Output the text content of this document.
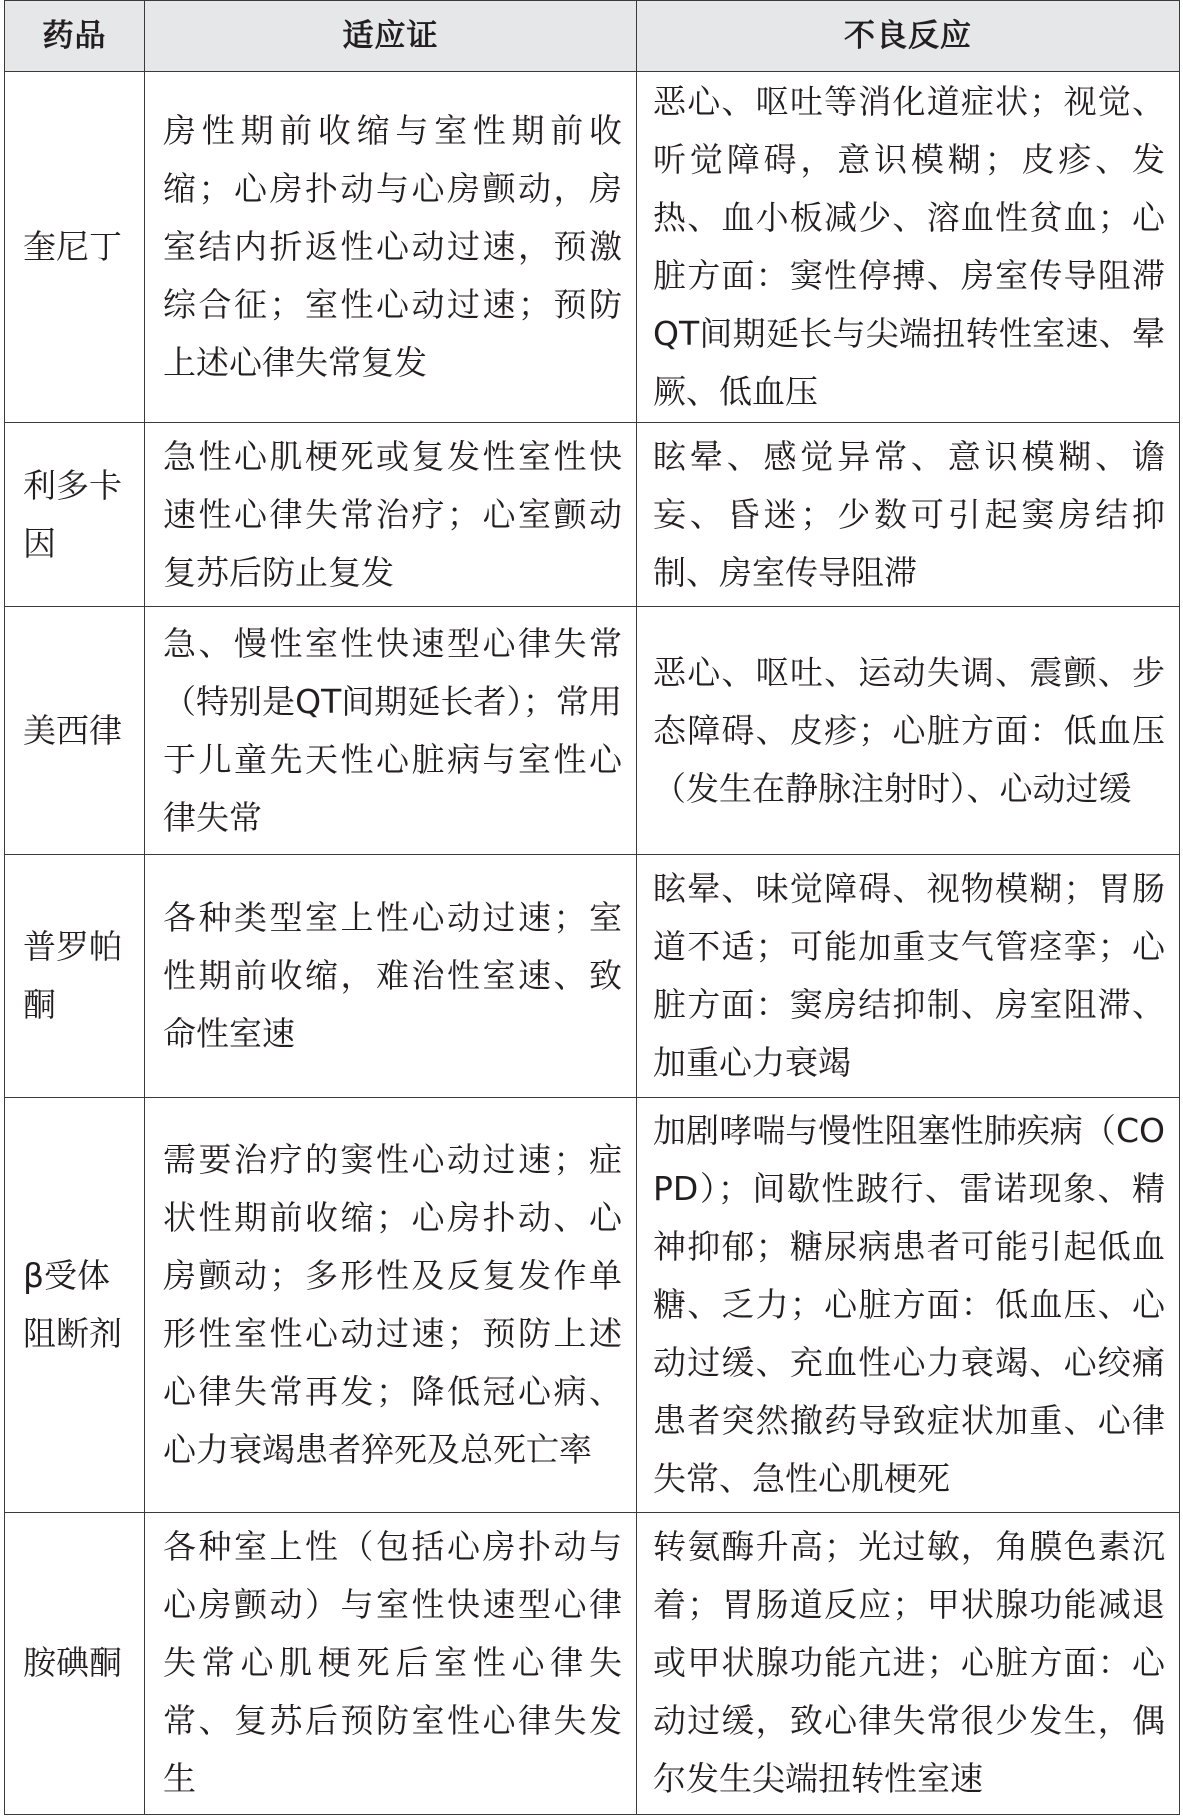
药品	适应证	不良反应

奎尼丁	房性期前收缩与室性期前收缩；心房扑动与心房颤动，房室结内折返性心动过速，预激综合征；室性心动过速；预防上述心律失常复发	恶心、呕吐等消化道症状；视觉、听觉障碍，意识模糊；皮疹、发热、血小板减少、溶血性贫血；心脏方面：窦性停搏、房室传导阻滞QT间期延长与尖端扭转性室速、晕厥、低血压

利多卡因	急性心肌梗死或复发性室性快速性心律失常治疗；心室颤动复苏后防止复发	眩晕、感觉异常、意识模糊、谵妄、昏迷；少数可引起窦房结抑制、房室传导阻滞

美西律	急、慢性室性快速型心律失常（特别是QT间期延长者）；常用于儿童先天性心脏病与室性心律失常	恶心、呕吐、运动失调、震颤、步态障碍、皮疹；心脏方面：低血压（发生在静脉注射时）、心动过缓

普罗帕酮	各种类型室上性心动过速；室性期前收缩，难治性室速、致命性室速	眩晕、味觉障碍、视物模糊；胃肠道不适；可能加重支气管痉挛；心脏方面：窦房结抑制、房室阻滞、加重心力衰竭

β受体阻断剂	需要治疗的窦性心动过速；症状性期前收缩；心房扑动、心房颤动；多形性及反复发作单形性室性心动过速；预防上述心律失常再发；降低冠心病、心力衰竭患者猝死及总死亡率	加剧哮喘与慢性阻塞性肺疾病（COPD）；间歇性跛行、雷诺现象、精神抑郁；糖尿病患者可能引起低血糖、乏力；心脏方面：低血压、心动过缓、充血性心力衰竭、心绞痛患者突然撤药导致症状加重、心律失常、急性心肌梗死

胺碘酮	各种室上性（包括心房扑动与心房颤动）与室性快速型心律失常心肌梗死后室性心律失常、复苏后预防室性心律失发生	转氨酶升高；光过敏，角膜色素沉着；胃肠道反应；甲状腺功能减退或甲状腺功能亢进；心脏方面：心动过缓，致心律失常很少发生，偶尔发生尖端扭转性室速
